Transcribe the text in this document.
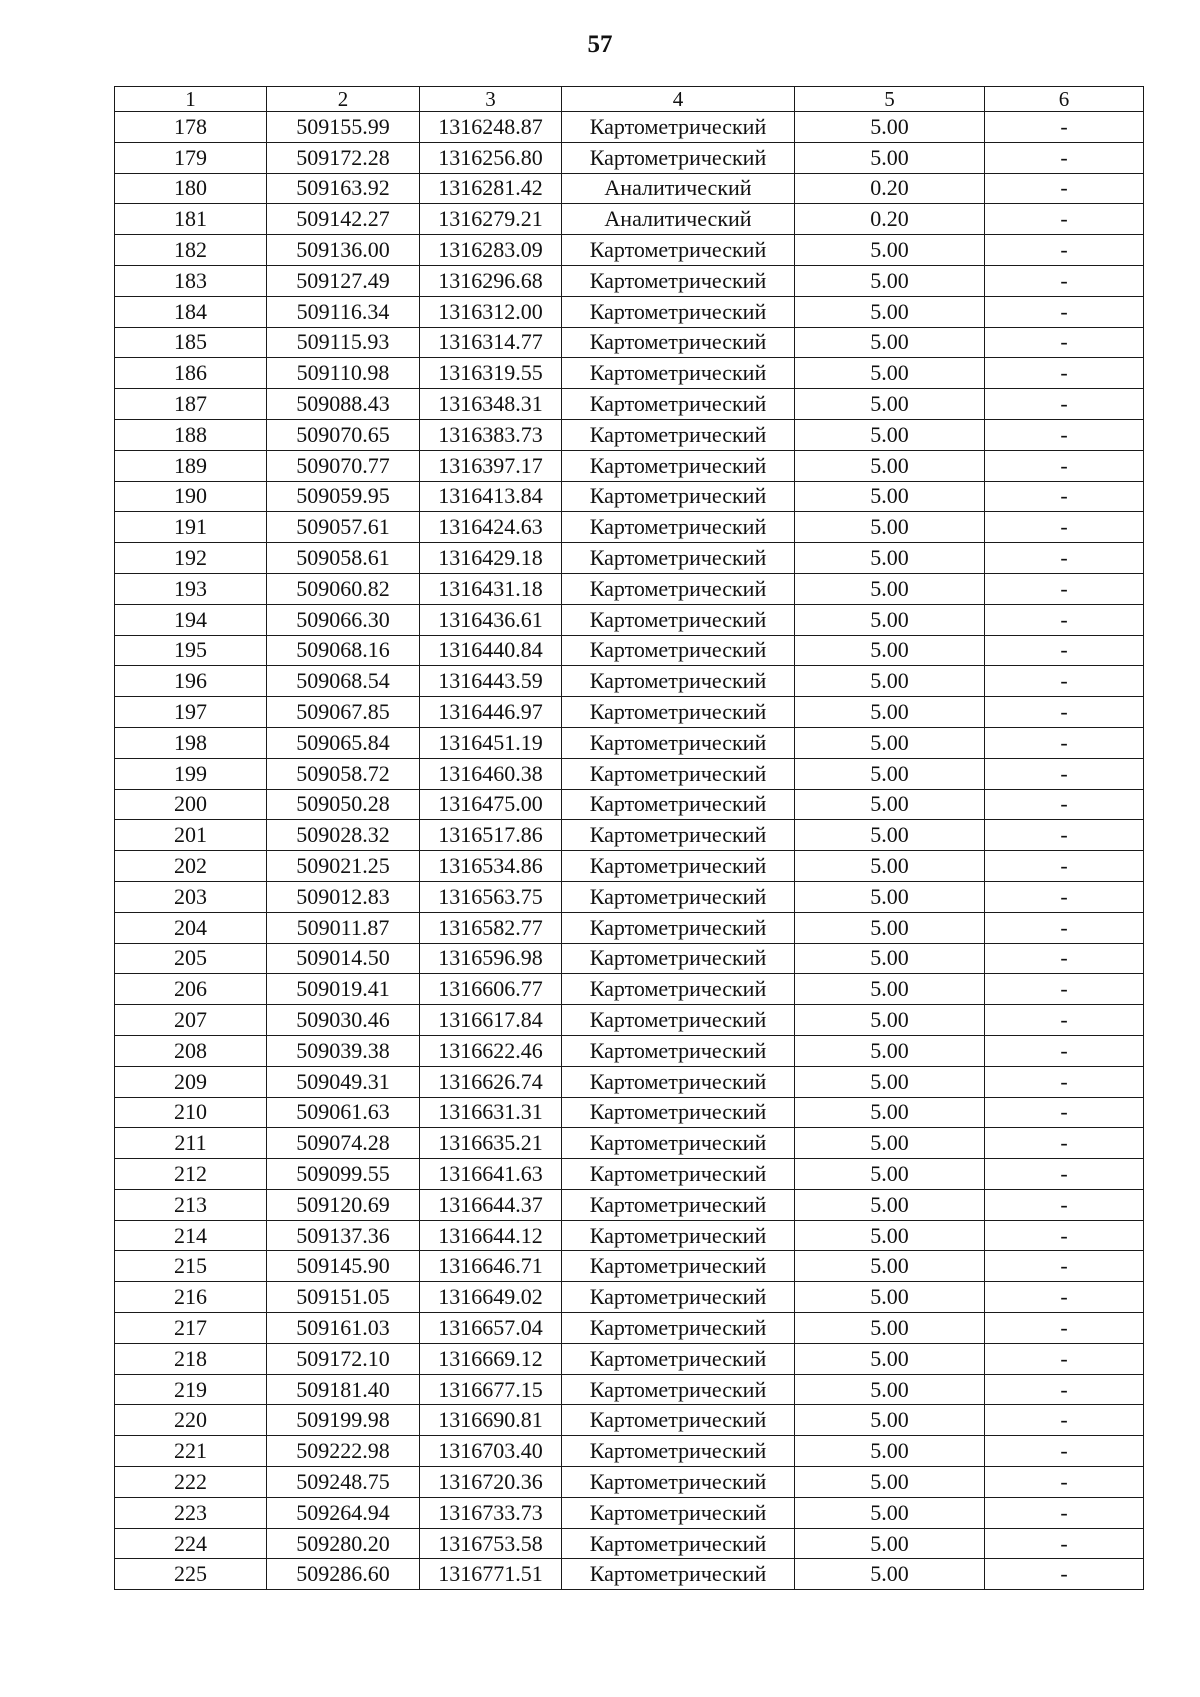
57
1	2	3	4	5	6
178	509155.99	1316248.87	Картометрический	5.00	-
179	509172.28	1316256.80	Картометрический	5.00	-
180	509163.92	1316281.42	Аналитический	0.20	-
181	509142.27	1316279.21	Аналитический	0.20	-
182	509136.00	1316283.09	Картометрический	5.00	-
183	509127.49	1316296.68	Картометрический	5.00	-
184	509116.34	1316312.00	Картометрический	5.00	-
185	509115.93	1316314.77	Картометрический	5.00	-
186	509110.98	1316319.55	Картометрический	5.00	-
187	509088.43	1316348.31	Картометрический	5.00	-
188	509070.65	1316383.73	Картометрический	5.00	-
189	509070.77	1316397.17	Картометрический	5.00	-
190	509059.95	1316413.84	Картометрический	5.00	-
191	509057.61	1316424.63	Картометрический	5.00	-
192	509058.61	1316429.18	Картометрический	5.00	-
193	509060.82	1316431.18	Картометрический	5.00	-
194	509066.30	1316436.61	Картометрический	5.00	-
195	509068.16	1316440.84	Картометрический	5.00	-
196	509068.54	1316443.59	Картометрический	5.00	-
197	509067.85	1316446.97	Картометрический	5.00	-
198	509065.84	1316451.19	Картометрический	5.00	-
199	509058.72	1316460.38	Картометрический	5.00	-
200	509050.28	1316475.00	Картометрический	5.00	-
201	509028.32	1316517.86	Картометрический	5.00	-
202	509021.25	1316534.86	Картометрический	5.00	-
203	509012.83	1316563.75	Картометрический	5.00	-
204	509011.87	1316582.77	Картометрический	5.00	-
205	509014.50	1316596.98	Картометрический	5.00	-
206	509019.41	1316606.77	Картометрический	5.00	-
207	509030.46	1316617.84	Картометрический	5.00	-
208	509039.38	1316622.46	Картометрический	5.00	-
209	509049.31	1316626.74	Картометрический	5.00	-
210	509061.63	1316631.31	Картометрический	5.00	-
211	509074.28	1316635.21	Картометрический	5.00	-
212	509099.55	1316641.63	Картометрический	5.00	-
213	509120.69	1316644.37	Картометрический	5.00	-
214	509137.36	1316644.12	Картометрический	5.00	-
215	509145.90	1316646.71	Картометрический	5.00	-
216	509151.05	1316649.02	Картометрический	5.00	-
217	509161.03	1316657.04	Картометрический	5.00	-
218	509172.10	1316669.12	Картометрический	5.00	-
219	509181.40	1316677.15	Картометрический	5.00	-
220	509199.98	1316690.81	Картометрический	5.00	-
221	509222.98	1316703.40	Картометрический	5.00	-
222	509248.75	1316720.36	Картометрический	5.00	-
223	509264.94	1316733.73	Картометрический	5.00	-
224	509280.20	1316753.58	Картометрический	5.00	-
225	509286.60	1316771.51	Картометрический	5.00	-
